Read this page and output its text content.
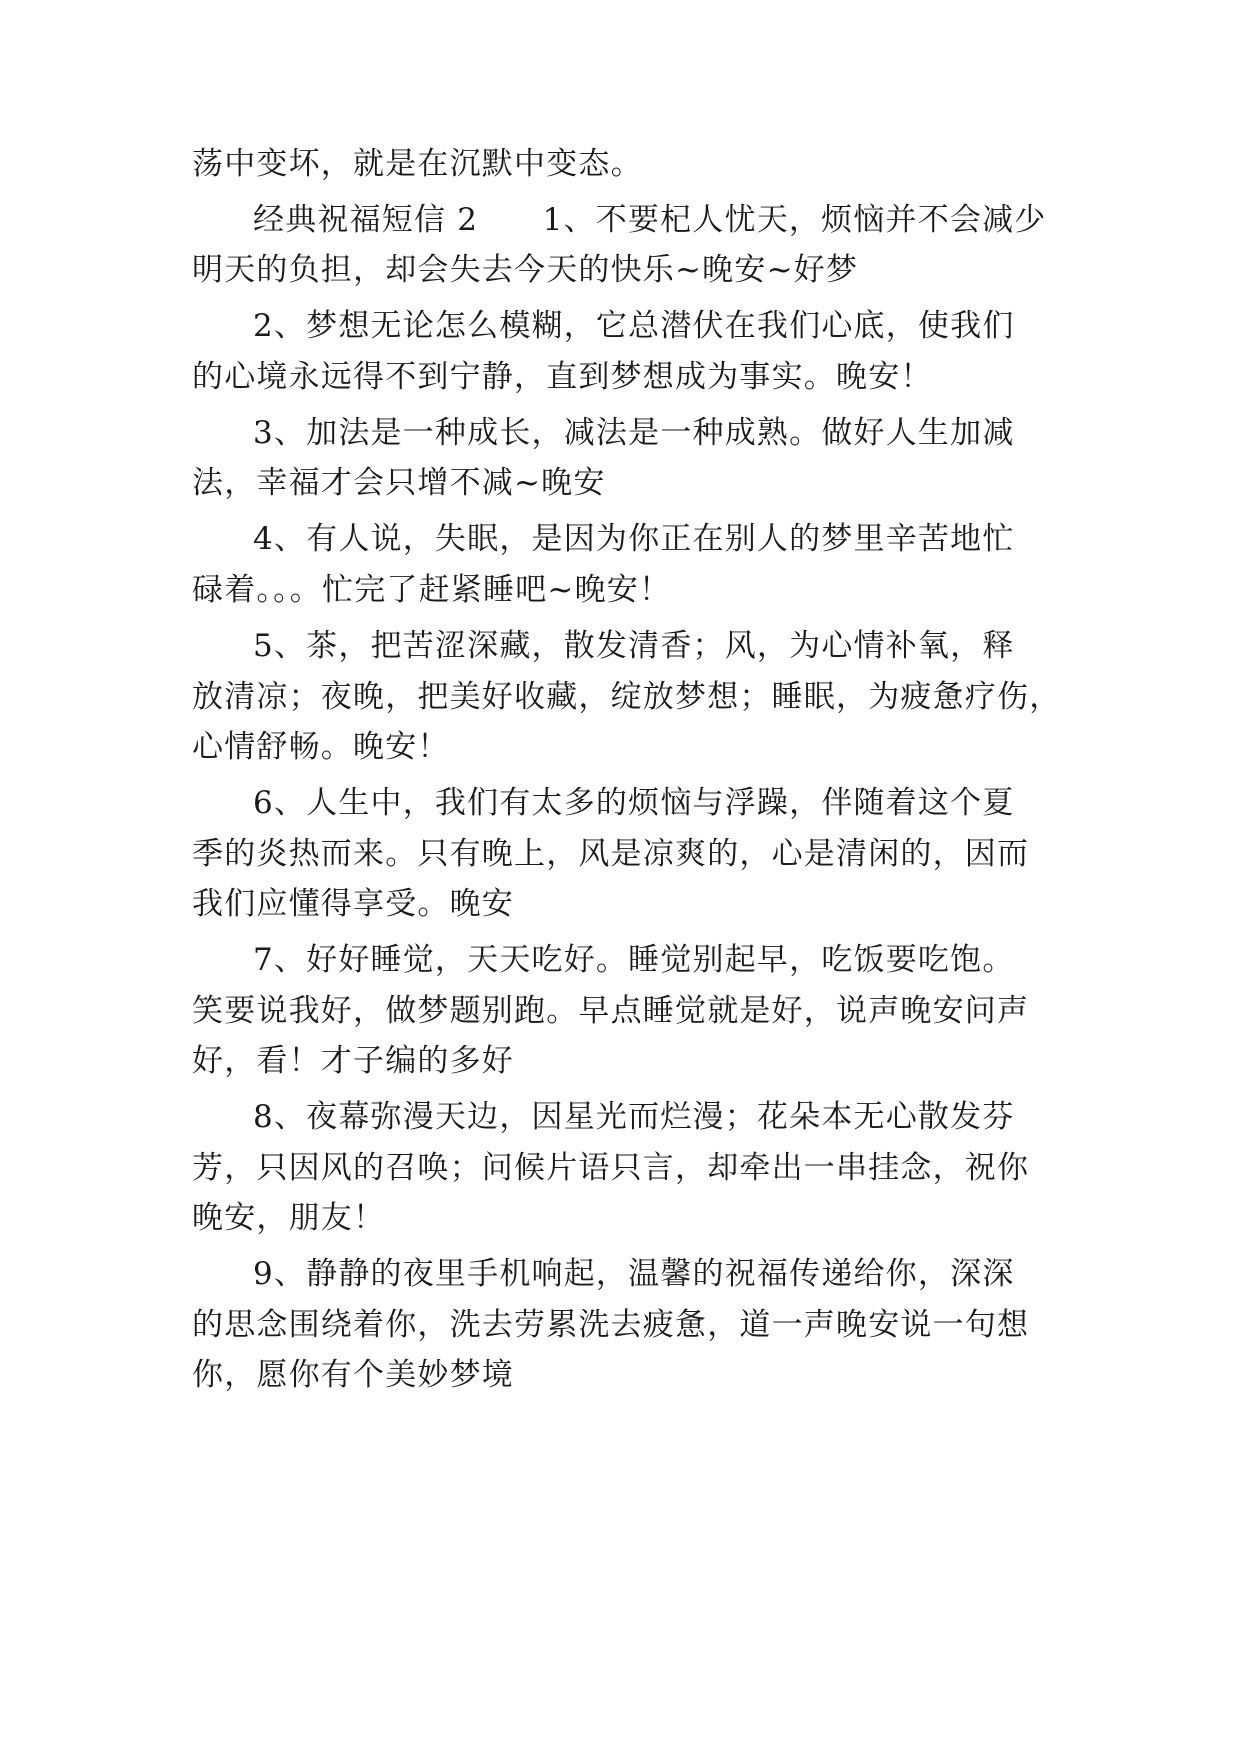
荡中变坏，就是在沉默中变态。

经典祝福短信 2　　1、不要杞人忧天，烦恼并不会减少

明天的负担，却会失去今天的快乐~晚安~好梦

2、梦想无论怎么模糊，它总潜伏在我们心底，使我们

的心境永远得不到宁静，直到梦想成为事实。晚安！

3、加法是一种成长，减法是一种成熟。做好人生加减

法，幸福才会只增不减~晚安

4、有人说，失眠，是因为你正在别人的梦里辛苦地忙

碌着。。。忙完了赶紧睡吧~晚安！

5、茶，把苦涩深藏，散发清香；风，为心情补氧，释

放清凉；夜晚，把美好收藏，绽放梦想；睡眠，为疲惫疗伤，

心情舒畅。晚安！

6、人生中，我们有太多的烦恼与浮躁，伴随着这个夏

季的炎热而来。只有晚上，风是凉爽的，心是清闲的，因而

我们应懂得享受。晚安

7、好好睡觉，天天吃好。睡觉别起早，吃饭要吃饱。

笑要说我好，做梦题别跑。早点睡觉就是好，说声晚安问声

好，看！才子编的多好

8、夜幕弥漫天边，因星光而烂漫；花朵本无心散发芬

芳，只因风的召唤；问候片语只言，却牵出一串挂念，祝你

晚安，朋友！

9、静静的夜里手机响起，温馨的祝福传递给你，深深

的思念围绕着你，洗去劳累洗去疲惫，道一声晚安说一句想

你，愿你有个美妙梦境
